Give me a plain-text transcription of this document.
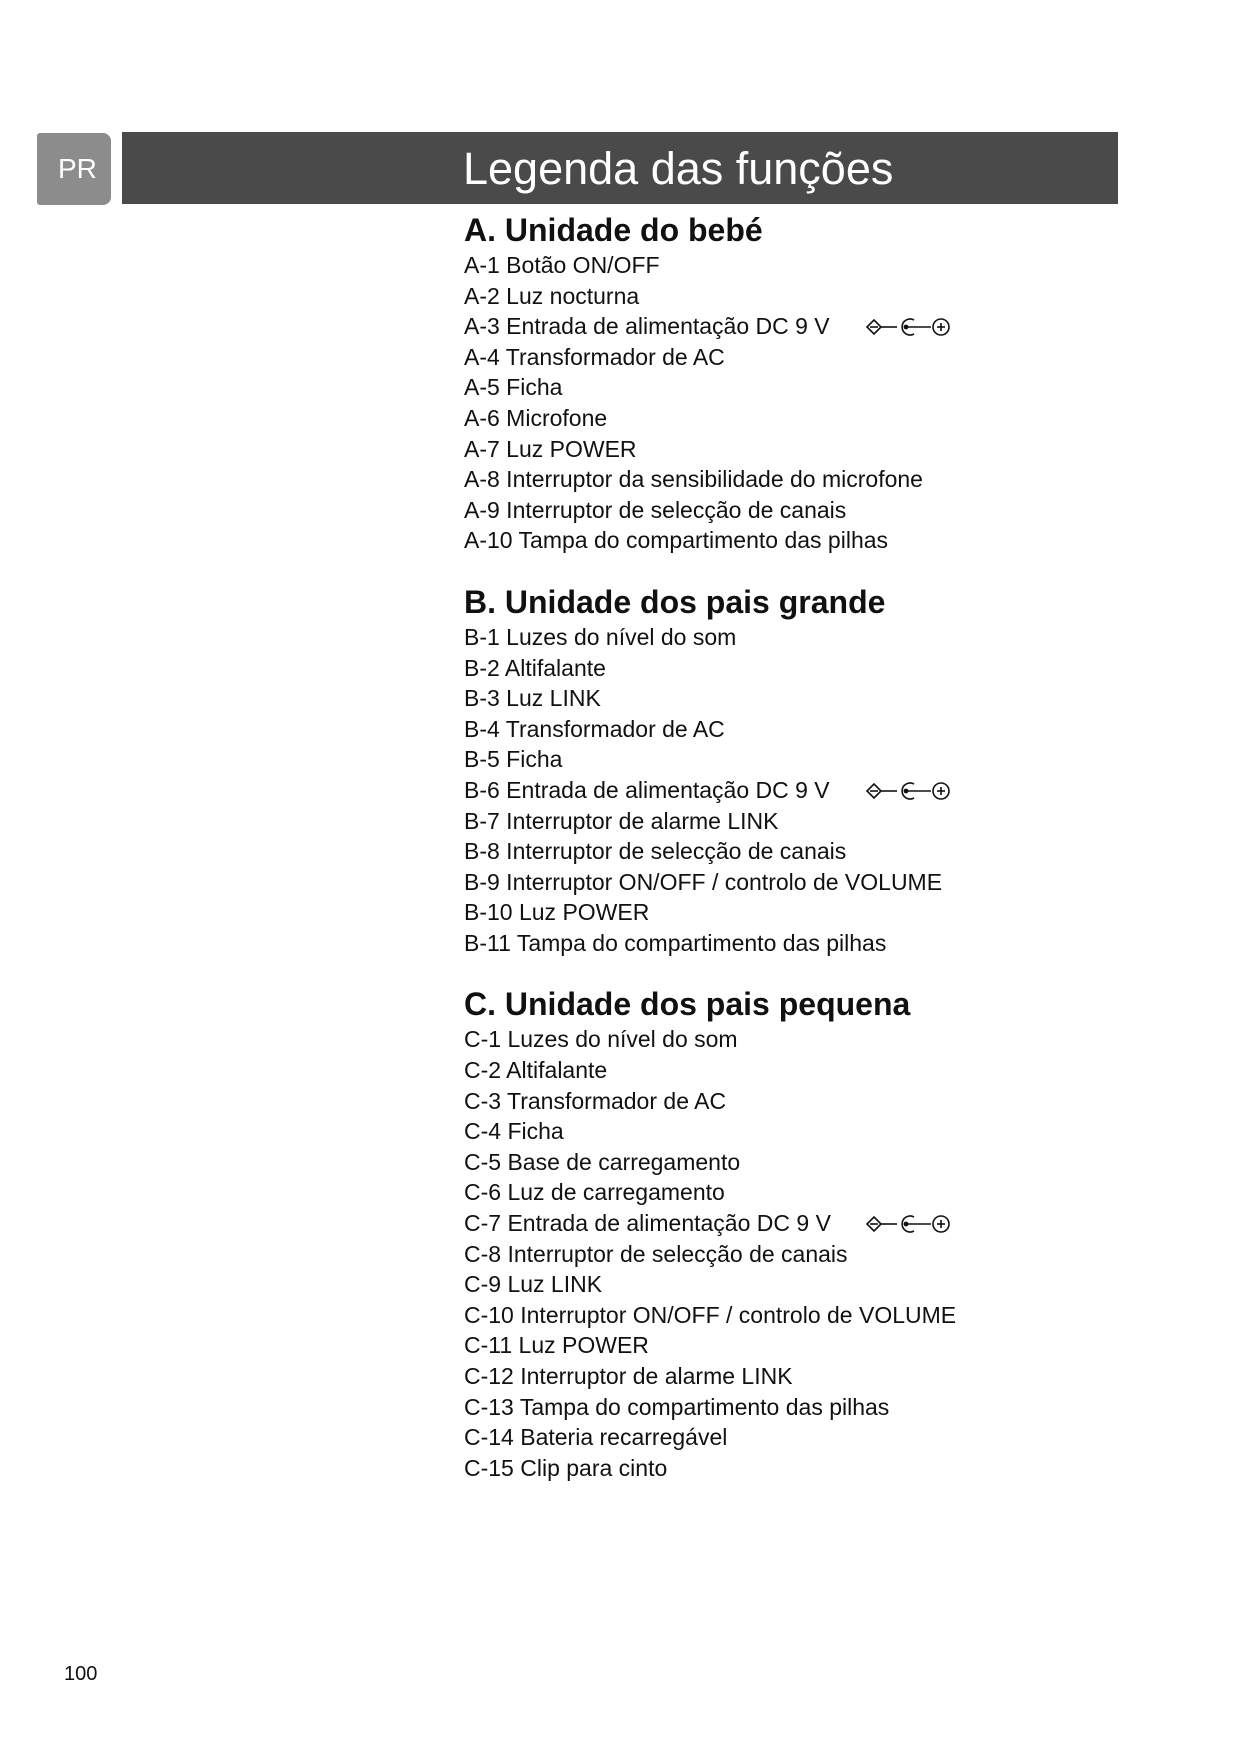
PR	Legenda das funções
A. Unidade do bebé
A-1 Botão ON/OFF
A-2 Luz nocturna
A-3 Entrada de alimentação DC 9 V
A-4 Transformador de AC
A-5 Ficha
A-6 Microfone
A-7 Luz POWER
A-8 Interruptor da sensibilidade do microfone
A-9 Interruptor de selecção de canais
A-10 Tampa do compartimento das pilhas
B. Unidade dos pais grande
B-1 Luzes do nível do som
B-2 Altifalante
B-3 Luz LINK
B-4 Transformador de AC
B-5 Ficha
B-6 Entrada de alimentação DC 9 V
B-7 Interruptor de alarme LINK
B-8 Interruptor de selecção de canais
B-9 Interruptor ON/OFF / controlo de VOLUME
B-10 Luz POWER
B-11 Tampa do compartimento das pilhas
C. Unidade dos pais pequena
C-1 Luzes do nível do som
C-2 Altifalante
C-3 Transformador de AC
C-4 Ficha
C-5 Base de carregamento
C-6 Luz de carregamento
C-7 Entrada de alimentação DC 9 V
C-8 Interruptor de selecção de canais
C-9 Luz LINK
C-10 Interruptor ON/OFF / controlo de VOLUME
C-11 Luz POWER
C-12 Interruptor de alarme LINK
C-13 Tampa do compartimento das pilhas
C-14 Bateria recarregável
C-15 Clip para cinto
100
